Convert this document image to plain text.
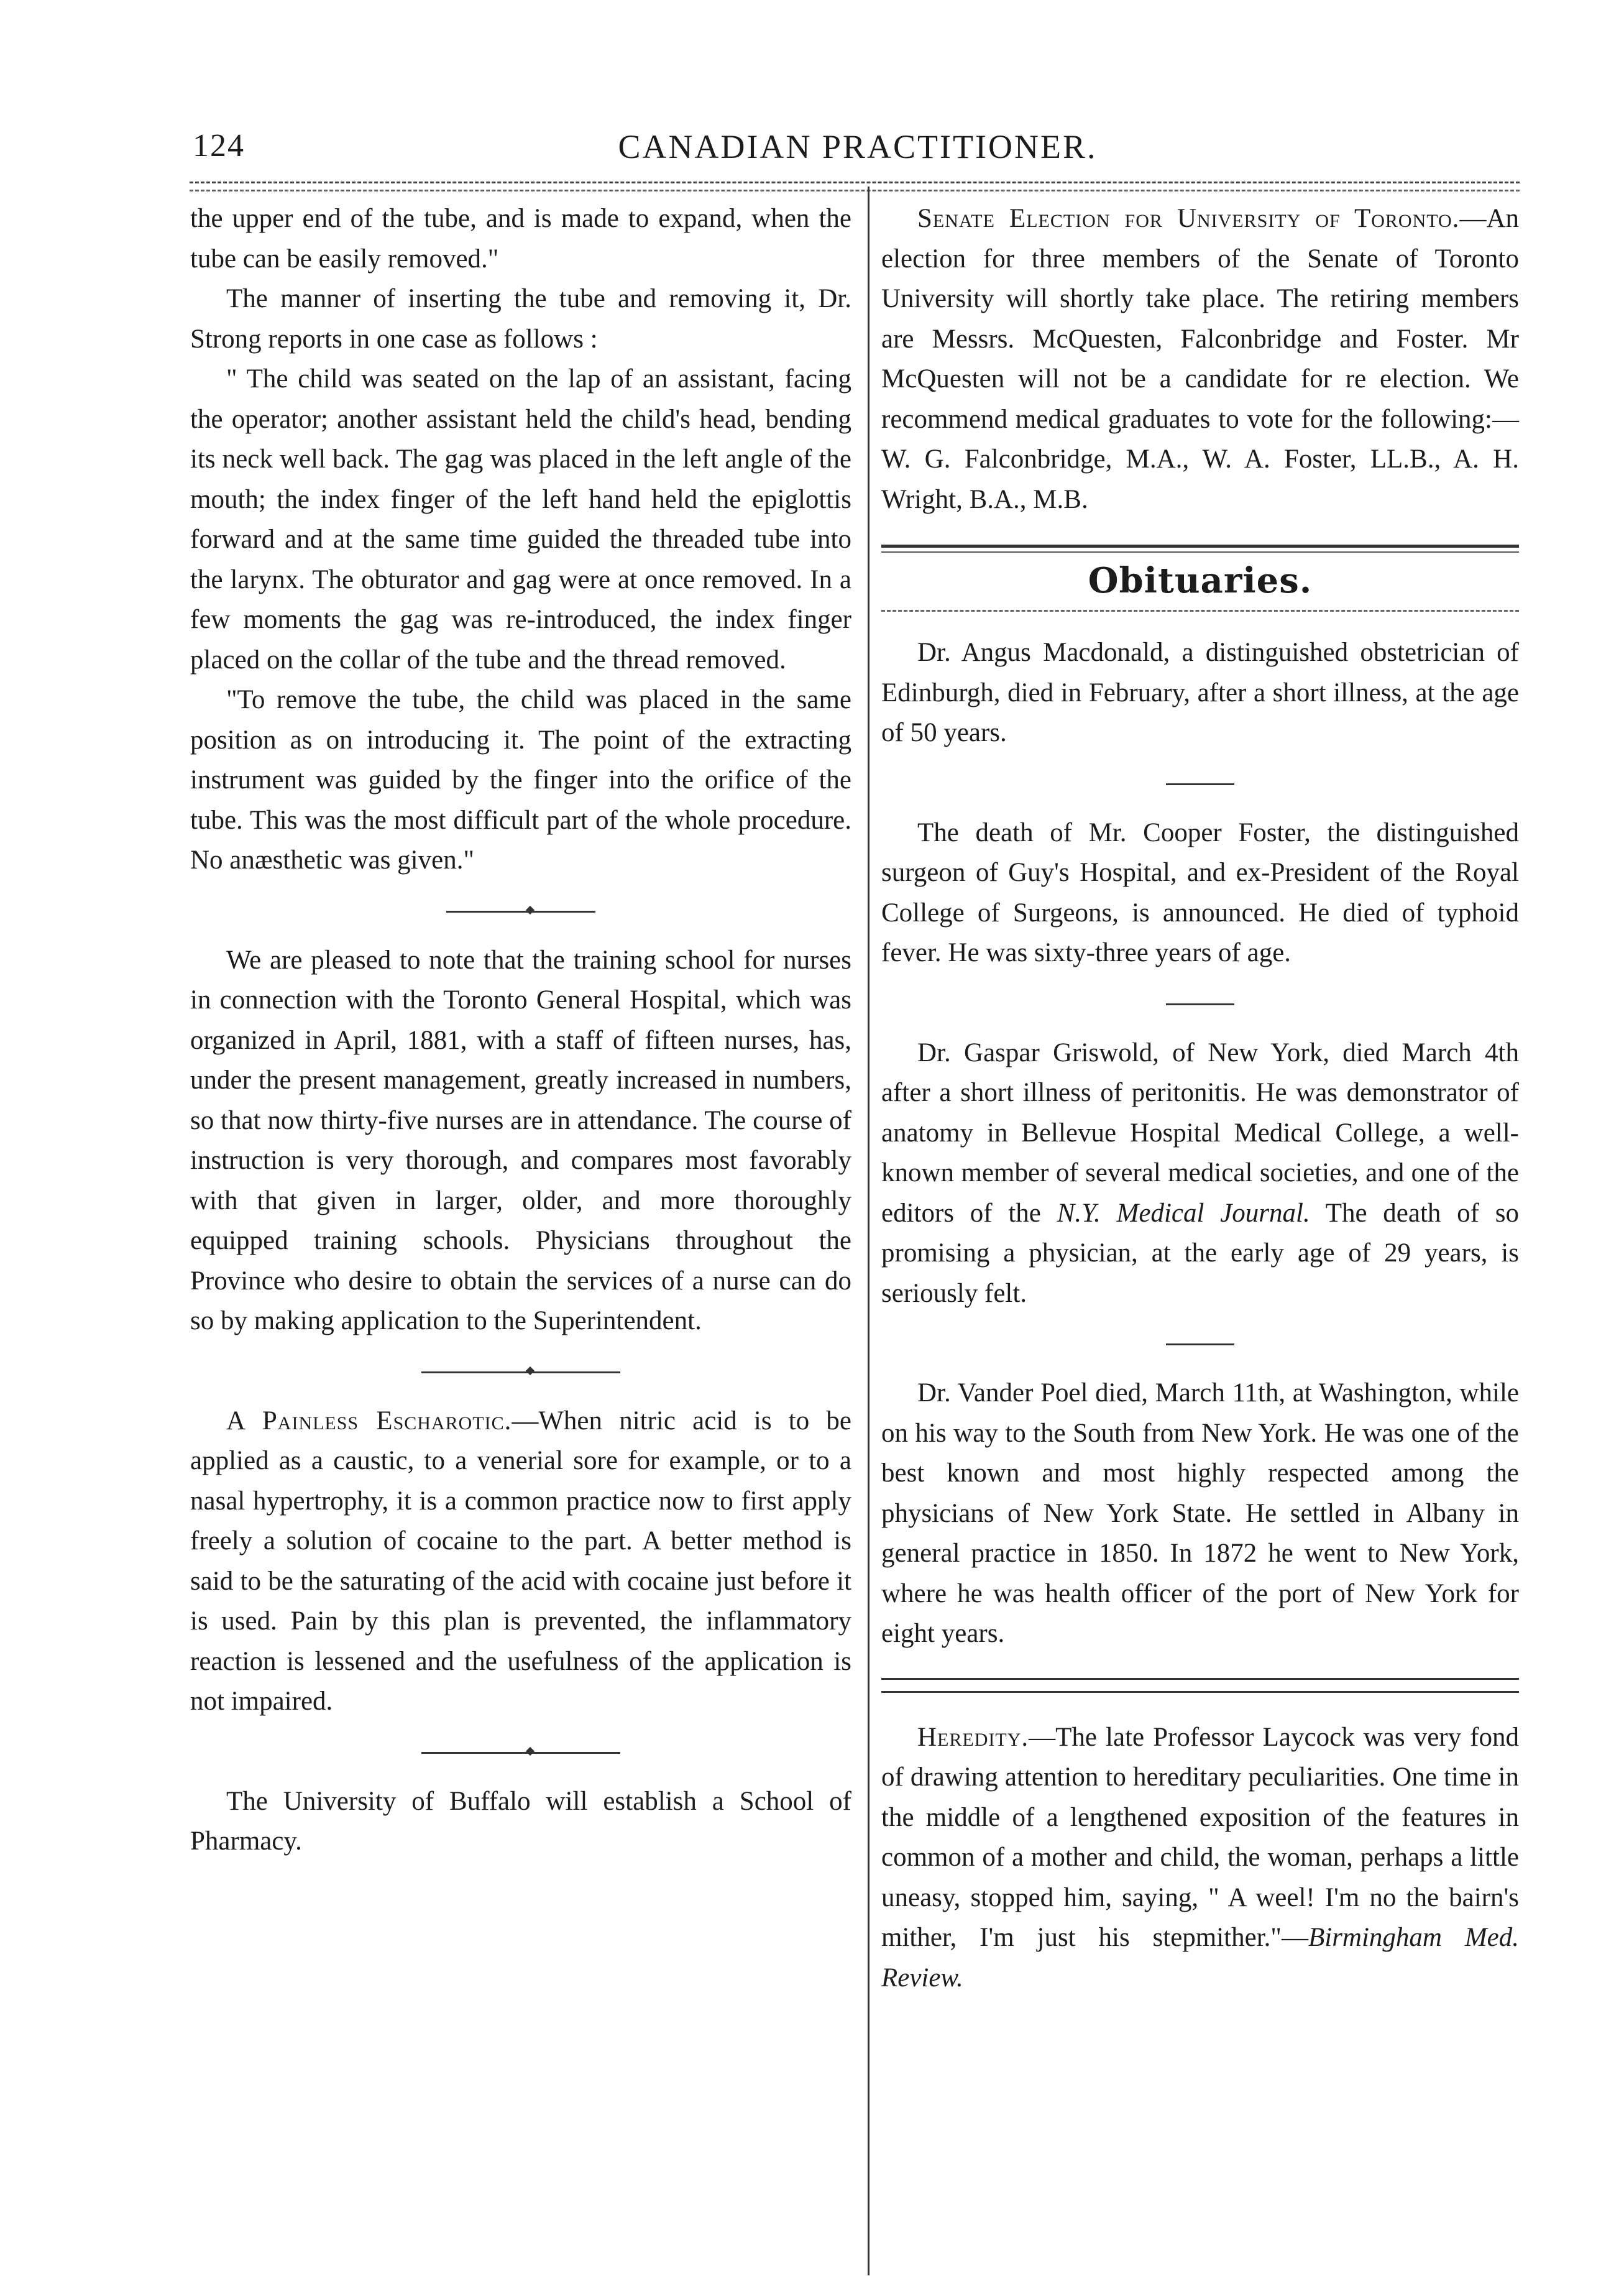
124	CANADIAN PRACTITIONER.

the upper end of the tube, and is made to expand, when the tube can be easily removed."

The manner of inserting the tube and removing it, Dr. Strong reports in one case as follows :

" The child was seated on the lap of an assistant, facing the operator; another assistant held the child's head, bending its neck well back. The gag was placed in the left angle of the mouth; the index finger of the left hand held the epiglottis forward and at the same time guided the threaded tube into the larynx. The obturator and gag were at once removed. In a few moments the gag was re-introduced, the index finger placed on the collar of the tube and the thread removed.

"To remove the tube, the child was placed in the same position as on introducing it. The point of the extracting instrument was guided by the finger into the orifice of the tube. This was the most difficult part of the whole procedure. No anæsthetic was given."

We are pleased to note that the training school for nurses in connection with the Toronto General Hospital, which was organized in April, 1881, with a staff of fifteen nurses, has, under the present management, greatly increased in numbers, so that now thirty-five nurses are in attendance. The course of instruction is very thorough, and compares most favorably with that given in larger, older, and more thoroughly equipped training schools. Physicians throughout the Province who desire to obtain the services of a nurse can do so by making application to the Superintendent.

A Painless Escharotic.—When nitric acid is to be applied as a caustic, to a venerial sore for example, or to a nasal hypertrophy, it is a common practice now to first apply freely a solution of cocaine to the part. A better method is said to be the saturating of the acid with cocaine just before it is used. Pain by this plan is prevented, the inflammatory reaction is lessened and the usefulness of the application is not impaired.

The University of Buffalo will establish a School of Pharmacy.

Senate Election for University of Toronto.—An election for three members of the Senate of Toronto University will shortly take place. The retiring members are Messrs. McQuesten, Falconbridge and Foster. Mr McQuesten will not be a candidate for re election. We recommend medical graduates to vote for the following:—W. G. Falconbridge, M.A., W. A. Foster, LL.B., A. H. Wright, B.A., M.B.

Obituaries.

Dr. Angus Macdonald, a distinguished obstetrician of Edinburgh, died in February, after a short illness, at the age of 50 years.

The death of Mr. Cooper Foster, the distinguished surgeon of Guy's Hospital, and ex-President of the Royal College of Surgeons, is announced. He died of typhoid fever. He was sixty-three years of age.

Dr. Gaspar Griswold, of New York, died March 4th after a short illness of peritonitis. He was demonstrator of anatomy in Bellevue Hospital Medical College, a well-known member of several medical societies, and one of the editors of the N.Y. Medical Journal. The death of so promising a physician, at the early age of 29 years, is seriously felt.

Dr. Vander Poel died, March 11th, at Washington, while on his way to the South from New York. He was one of the best known and most highly respected among the physicians of New York State. He settled in Albany in general practice in 1850. In 1872 he went to New York, where he was health officer of the port of New York for eight years.

Heredity.—The late Professor Laycock was very fond of drawing attention to hereditary peculiarities. One time in the middle of a lengthened exposition of the features in common of a mother and child, the woman, perhaps a little uneasy, stopped him, saying, " A weel! I'm no the bairn's mither, I'm just his stepmither."—Birmingham Med. Review.
